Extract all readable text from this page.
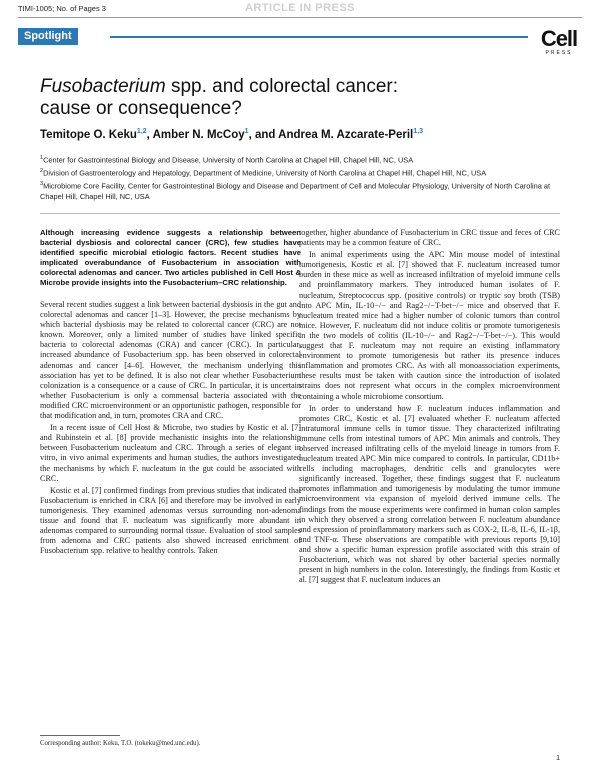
TIMI-1005; No. of Pages 3	ARTICLE IN PRESS
Spotlight	Cell
PRESS
Fusobacterium spp. and colorectal cancer:
cause or consequence?
Temitope O. Keku$^{1,2}$, Amber N. McCoy$^1$, and Andrea M. Azcarate-Peril$^{1,3}$

$^1$Center for Gastrointestinal Biology and Disease, University of North Carolina at Chapel Hill, Chapel Hill, NC, USA

$^2$Division of Gastroenterology and Hepatology, Department of Medicine, University of North Carolina at Chapel Hill, Chapel Hill, NC, USA

$^3$Microbiome Core Facility, Center for Gastrointestinal Biology and Disease and Department of Cell and Molecular Physiology, University of North Carolina at Chapel Hill, Chapel Hill, NC, USA

Although increasing evidence suggests a relationship between bacterial dysbiosis and colorectal cancer (CRC), few studies have identified specific microbial etiologic factors. Recent studies have implicated overabundance of Fusobacterium in association with colorectal adenomas and cancer. Two articles published in Cell Host & Microbe provide insights into the Fusobacterium–CRC relationship.

Several recent studies suggest a link between bacterial dysbiosis in the gut and colorectal adenomas and cancer [1–3]. However, the precise mechanisms by which bacterial dysbiosis may be related to colorectal cancer (CRC) are not known. Moreover, only a limited number of studies have linked specific bacteria to colorectal adenomas (CRA) and cancer (CRC). In particular, increased abundance of Fusobacterium spp. has been observed in colorectal adenomas and cancer [4–6]. However, the mechanism underlying this association has yet to be defined. It is also not clear whether Fusobacterium colonization is a consequence or a cause of CRC. In particular, it is uncertain whether Fusobacterium is only a commensal bacteria associated with the modified CRC microenvironment or an opportunistic pathogen, responsible for that modification and, in turn, promotes CRA and CRC.

In a recent issue of Cell Host & Microbe, two studies by Kostic et al. [7] and Rubinstein et al. [8] provide mechanistic insights into the relationship between Fusobacterium nucleatum and CRC. Through a series of elegant in vitro, in vivo animal experiments and human studies, the authors investigated the mechanisms by which F. nucleatum in the gut could be associated with CRC.

Kostic et al. [7] confirmed findings from previous studies that indicated that Fusobacterium is enriched in CRA [6] and therefore may be involved in early tumorigenesis. They examined adenomas versus surrounding non-adenoma tissue and found that F. nucleatum was significantly more abundant in adenomas compared to surrounding normal tissue. Evaluation of stool samples from adenoma and CRC patients also showed increased enrichment of Fusobacterium spp. relative to healthy controls. Taken

together, higher abundance of Fusobacterium in CRC tissue and feces of CRC patients may be a common feature of CRC.

In animal experiments using the APC Min mouse model of intestinal tumorigenesis, Kostic et al. [7] showed that F. nucleatum increased tumor burden in these mice as well as increased infiltration of myeloid immune cells and proinflammatory markers. They introduced human isolates of F. nucleatum, Streptococcus spp. (positive controls) or tryptic soy broth (TSB) into APC Min, IL-10−/− and Rag2−/−T-bet−/− mice and observed that F. nucleatum treated mice had a higher number of colonic tumors than control mice. However, F. nucleatum did not induce colitis or promote tumorigenesis in the two models of colitis (IL-10−/− and Rag2−/−T-bet−/−). This would suggest that F. nucleatum may not require an existing inflammatory environment to promote tumorigenesis but rather its presence induces inflammation and promotes CRC. As with all monoassociation experiments, these results must be taken with caution since the introduction of isolated strains does not represent what occurs in the complex microenvironment containing a whole microbiome consortium.

In order to understand how F. nucleatum induces inflammation and promotes CRC, Kostic et al. [7] evaluated whether F. nucleatum affected intratumoral immune cells in tumor tissue. They characterized infiltrating immune cells from intestinal tumors of APC Min animals and controls. They observed increased infiltrating cells of the myeloid lineage in tumors from F. nucleatum treated APC Min mice compared to controls. In particular, CD11b+ cells including macrophages, dendritic cells and granulocytes were significantly increased. Together, these findings suggest that F. nucleatum promotes inflammation and tumorigenesis by modulating the tumor immune microenvironment via expansion of myeloid derived immune cells. The findings from the mouse experiments were confirmed in human colon samples in which they observed a strong correlation between F. nucleatum abundance and expression of proinflammatory markers such as COX-2, IL-8, IL-6, IL-1β, and TNF-α. These observations are compatible with previous reports [9,10] and show a specific human expression profile associated with this strain of Fusobacterium, which was not shared by other bacterial species normally present in high numbers in the colon. Interestingly, the findings from Kostic et al. [7] suggest that F. nucleatum induces an

Corresponding author: Keku, T.O. (tokeku@med.unc.edu).
1
